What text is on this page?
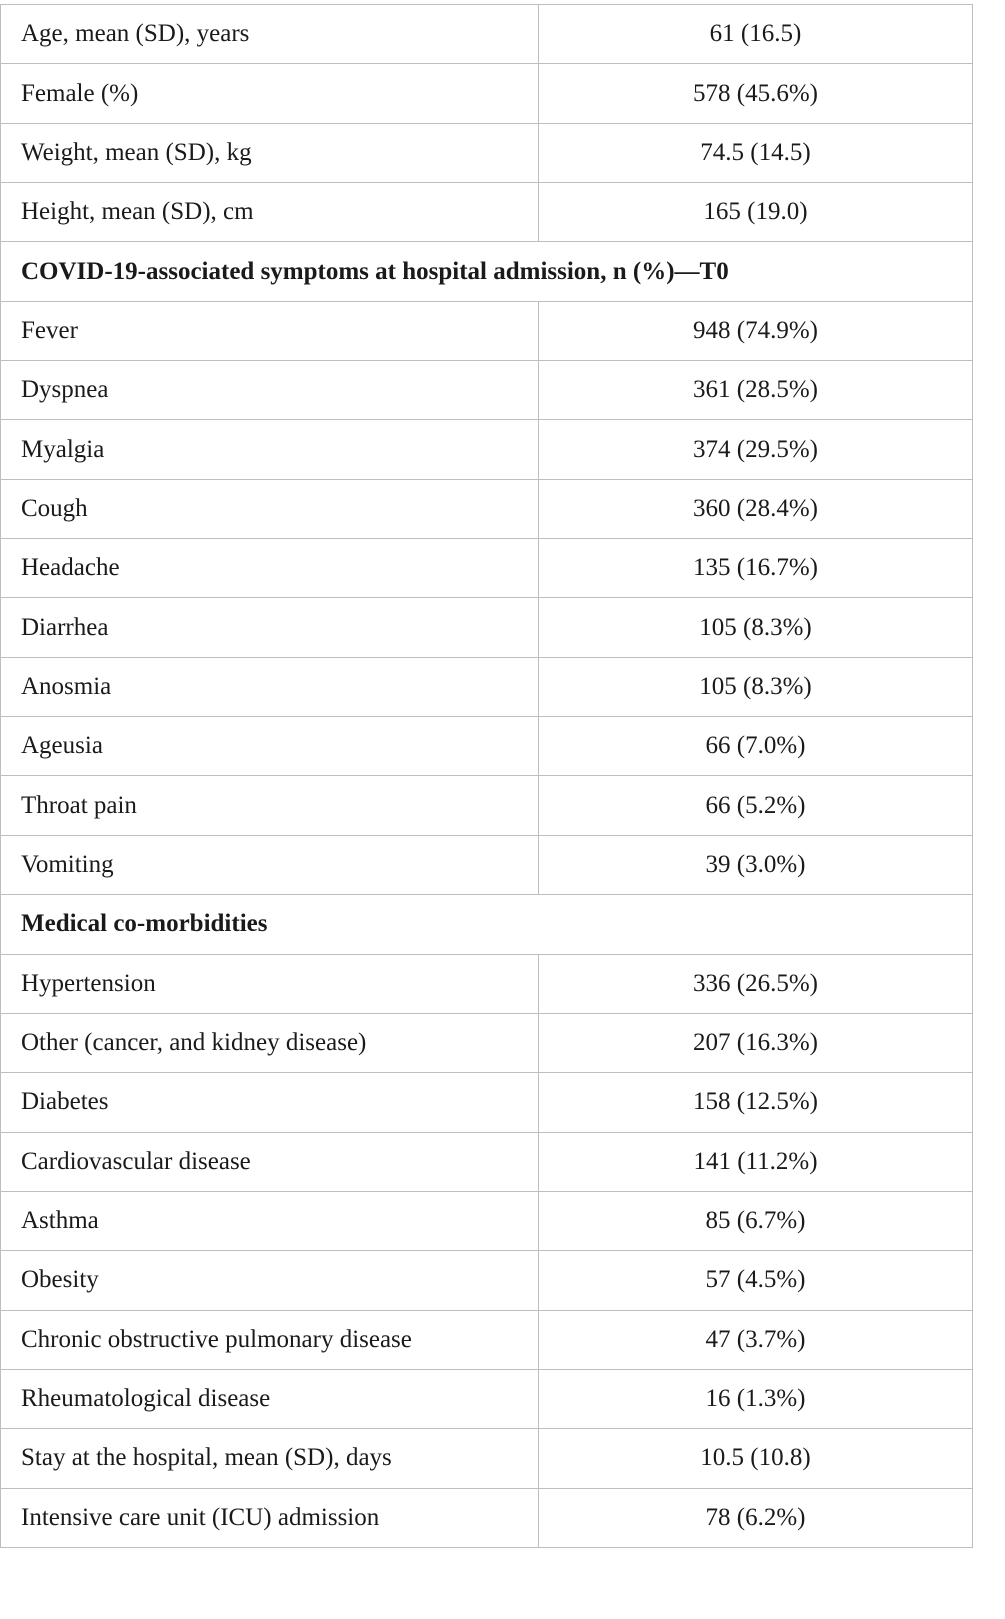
Age, mean (SD), years	61 (16.5)
Female (%)	578 (45.6%)
Weight, mean (SD), kg	74.5 (14.5)
Height, mean (SD), cm	165 (19.0)
COVID-19-associated symptoms at hospital admission, n (%)—T0	
Fever	948 (74.9%)
Dyspnea	361 (28.5%)
Myalgia	374 (29.5%)
Cough	360 (28.4%)
Headache	135 (16.7%)
Diarrhea	105 (8.3%)
Anosmia	105 (8.3%)
Ageusia	66 (7.0%)
Throat pain	66 (5.2%)
Vomiting	39 (3.0%)
Medical co-morbidities	
Hypertension	336 (26.5%)
Other (cancer, and kidney disease)	207 (16.3%)
Diabetes	158 (12.5%)
Cardiovascular disease	141 (11.2%)
Asthma	85 (6.7%)
Obesity	57 (4.5%)
Chronic obstructive pulmonary disease	47 (3.7%)
Rheumatological disease	16 (1.3%)
Stay at the hospital, mean (SD), days	10.5 (10.8)
Intensive care unit (ICU) admission	78 (6.2%)
